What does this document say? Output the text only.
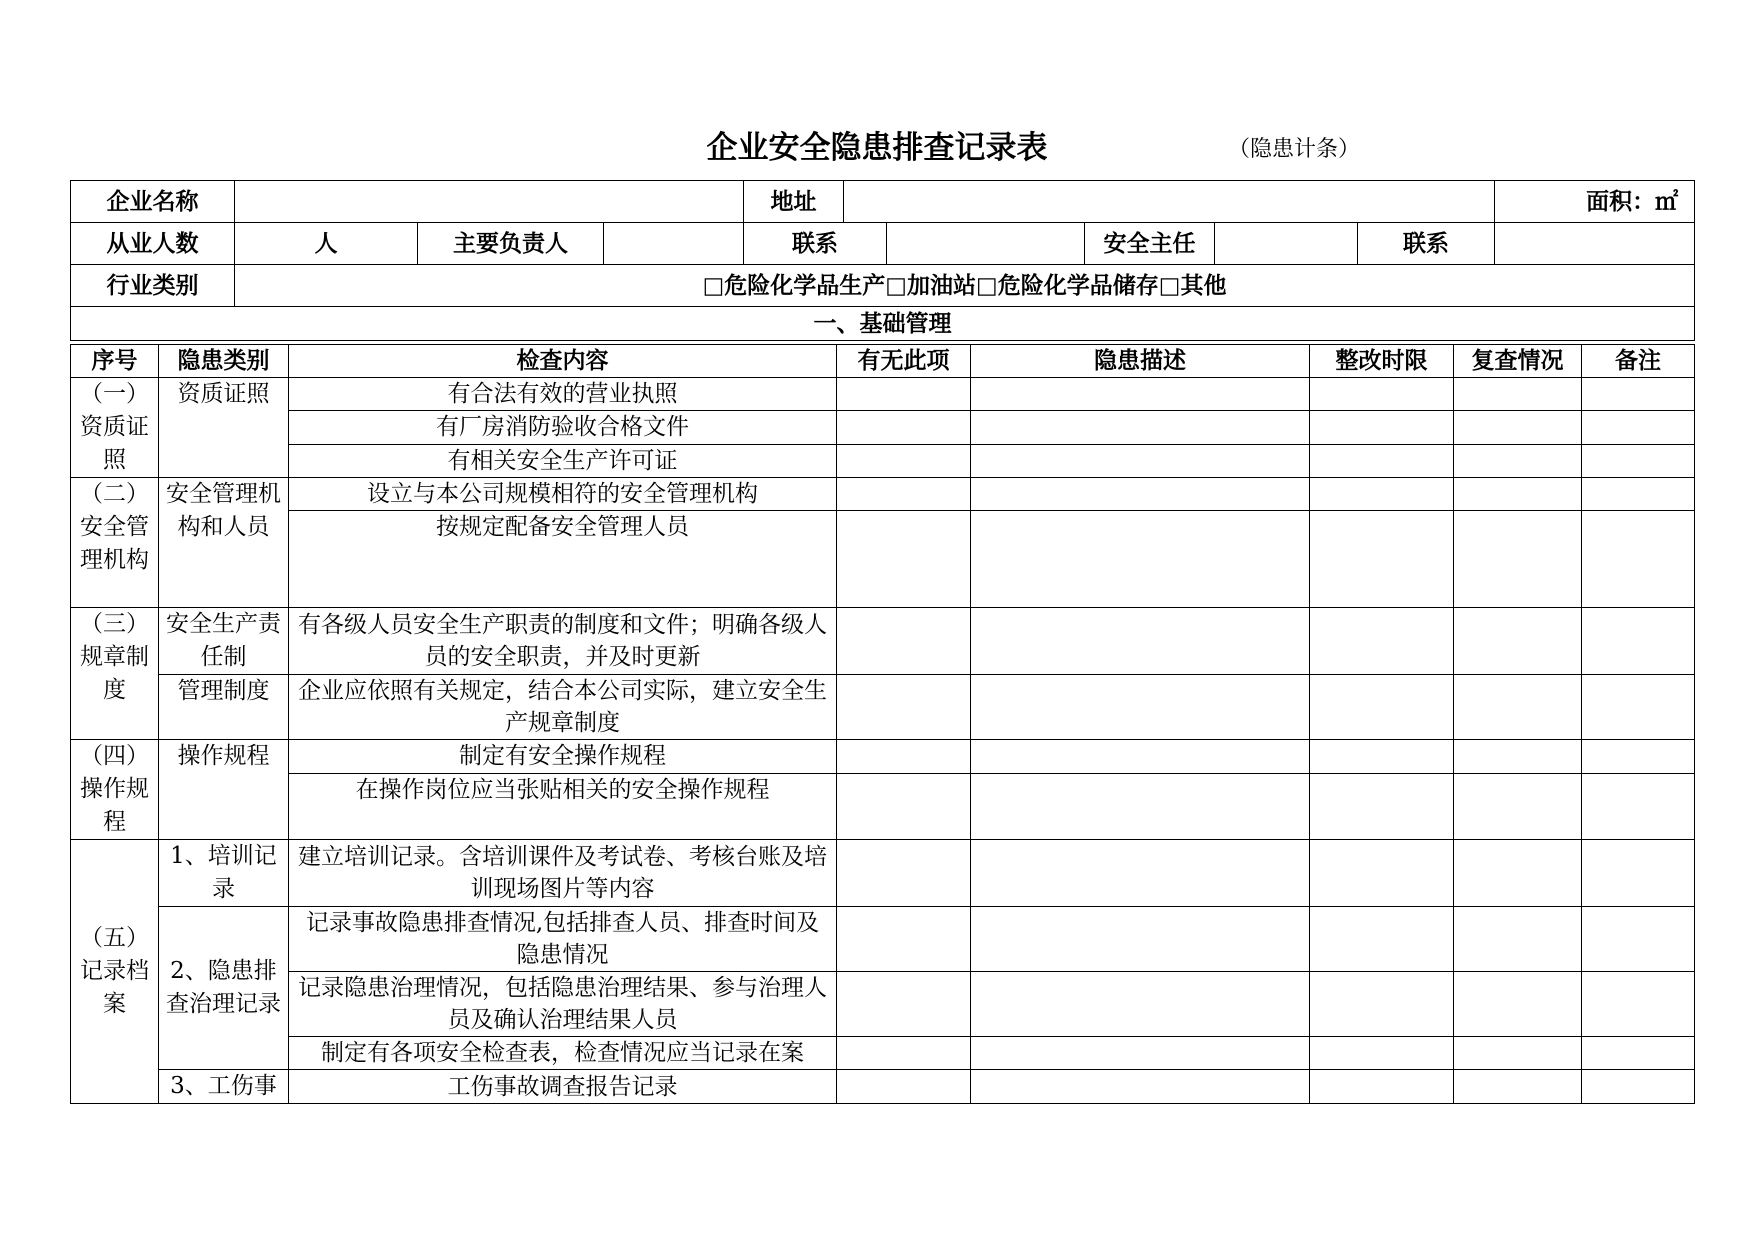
企业安全隐患排查记录表	（隐患计条）
企业名称				地址						面积：㎡
从业人数	人	主要负责人		联系			安全主任		联系	
行业类别	□危险化学品生产□加油站□危险化学品储存□其他									
一、基础管理										
序号	隐患类别	检查内容	有无此项	隐患描述	整改时限	复查情况	备注
（一）资质证照	资质证照	有合法有效的营业执照					
		有厂房消防验收合格文件					
		有相关安全生产许可证					
（二）安全管理机构	安全管理机构和人员	设立与本公司规模相符的安全管理机构					
		按规定配备安全管理人员					
（三）规章制 度	安全生产责任制	有各级人员安全生产职责的制度和文件；明确各级人员的安全职责，并及时更新					
	管理制度	企业应依照有关规定，结合本公司实际，建立安全生产规章制度					
（四）操作规 程	操作规程	制定有安全操作规程					
		在操作岗位应当张贴相关的安全操作规程					
（五）记录档案	1、培训记录	建立培训记录。含培训课件及考试卷、考核台账及培训现场图片等内容					
	2、隐患排查治理记录	记录事故隐患排查情况,包括排查人员、排查时间及隐患情况					
		记录隐患治理情况，包括隐患治理结果、参与治理人员及确认治理结果人员					
		制定有各项安全检查表，检查情况应当记录在案					
	3、工伤事	工伤事故调查报告记录					
